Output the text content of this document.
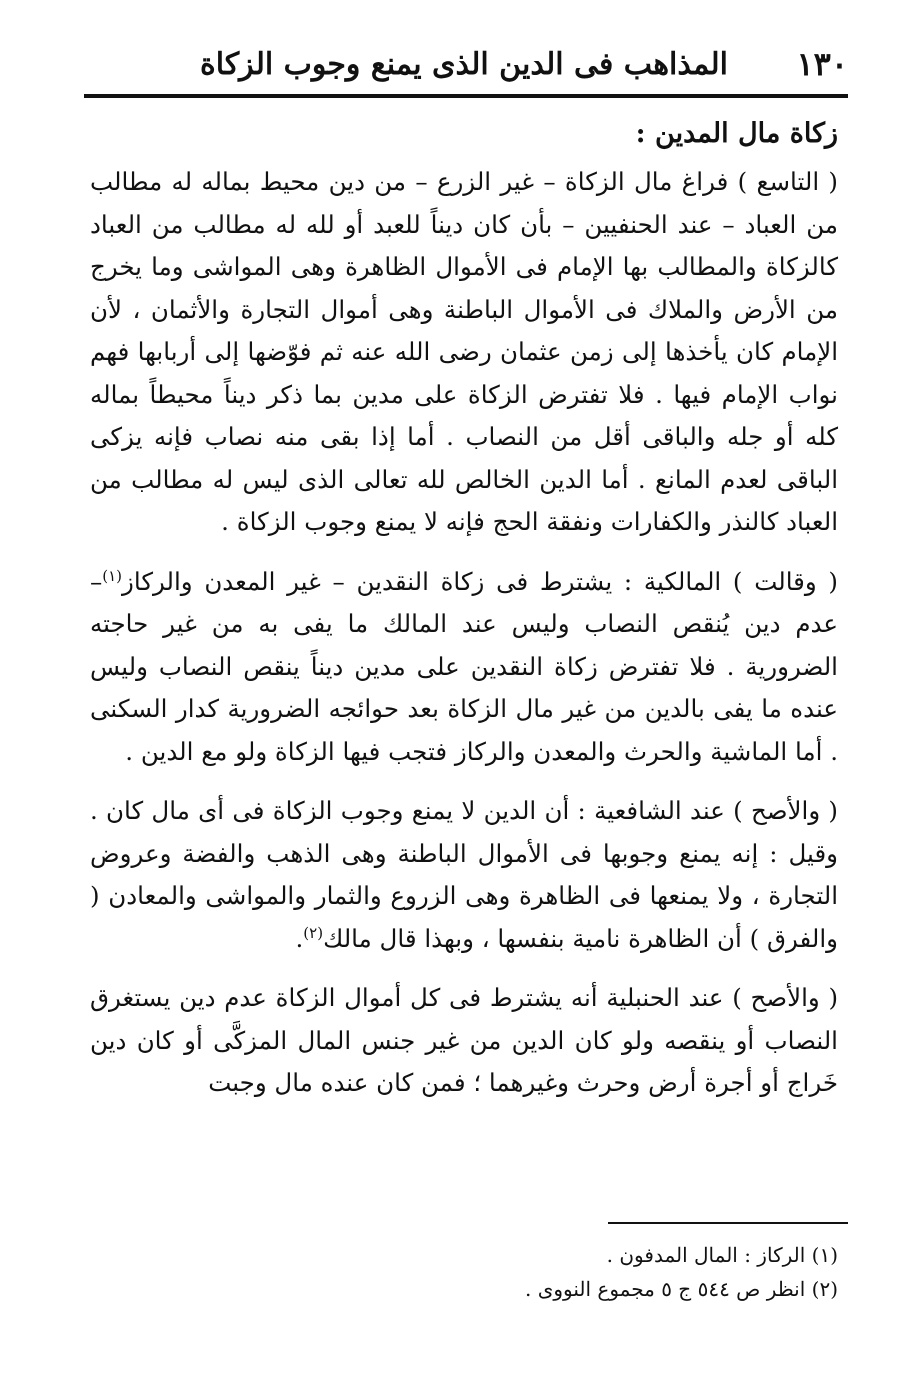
١٣٠
المذاهب فى الدين الذى يمنع وجوب الزكاة
زكاة مال المدين :

( التاسع ) فراغ مال الزكاة – غير الزرع – من دين محيط بماله له مطالب من العباد – عند الحنفيين – بأن كان ديناً للعبد أو لله له مطالب من العباد كالزكاة والمطالب بها الإمام فى الأموال الظاهرة وهى المواشى وما يخرج من الأرض والملاك فى الأموال الباطنة وهى أموال التجارة والأثمان ، لأن الإمام كان يأخذها إلى زمن عثمان رضى الله عنه ثم فوّضها إلى أربابها فهم نواب الإمام فيها . فلا تفترض الزكاة على مدين بما ذكر ديناً محيطاً بماله كله أو جله والباقى أقل من النصاب . أما إذا بقى منه نصاب فإنه يزكى الباقى لعدم المانع . أما الدين الخالص لله تعالى الذى ليس له مطالب من العباد كالنذر والكفارات ونفقة الحج فإنه لا يمنع وجوب الزكاة .

( وقالت ) المالكية : يشترط فى زكاة النقدين – غير المعدن والركاز$^{(١)}$– عدم دين يُنقص النصاب وليس عند المالك ما يفى به من غير حاجته الضرورية . فلا تفترض زكاة النقدين على مدين ديناً ينقص النصاب وليس عنده ما يفى بالدين من غير مال الزكاة بعد حوائجه الضرورية كدار السكنى . أما الماشية والحرث والمعدن والركاز فتجب فيها الزكاة ولو مع الدين .

( والأصح ) عند الشافعية : أن الدين لا يمنع وجوب الزكاة فى أى مال كان . وقيل : إنه يمنع وجوبها فى الأموال الباطنة وهى الذهب والفضة وعروض التجارة ، ولا يمنعها فى الظاهرة وهى الزروع والثمار والمواشى والمعادن ( والفرق ) أن الظاهرة نامية بنفسها ، وبهذا قال مالك$^{(٢)}$.

( والأصح ) عند الحنبلية أنه يشترط فى كل أموال الزكاة عدم دين يستغرق النصاب أو ينقصه ولو كان الدين من غير جنس المال المزكَّى أو كان دين خَراج أو أجرة أرض وحرث وغيرهما ؛ فمن كان عنده مال وجبت

(١) الركاز : المال المدفون .

(٢) انظر ص ٥٤٤ ج ٥ مجموع النووى .
